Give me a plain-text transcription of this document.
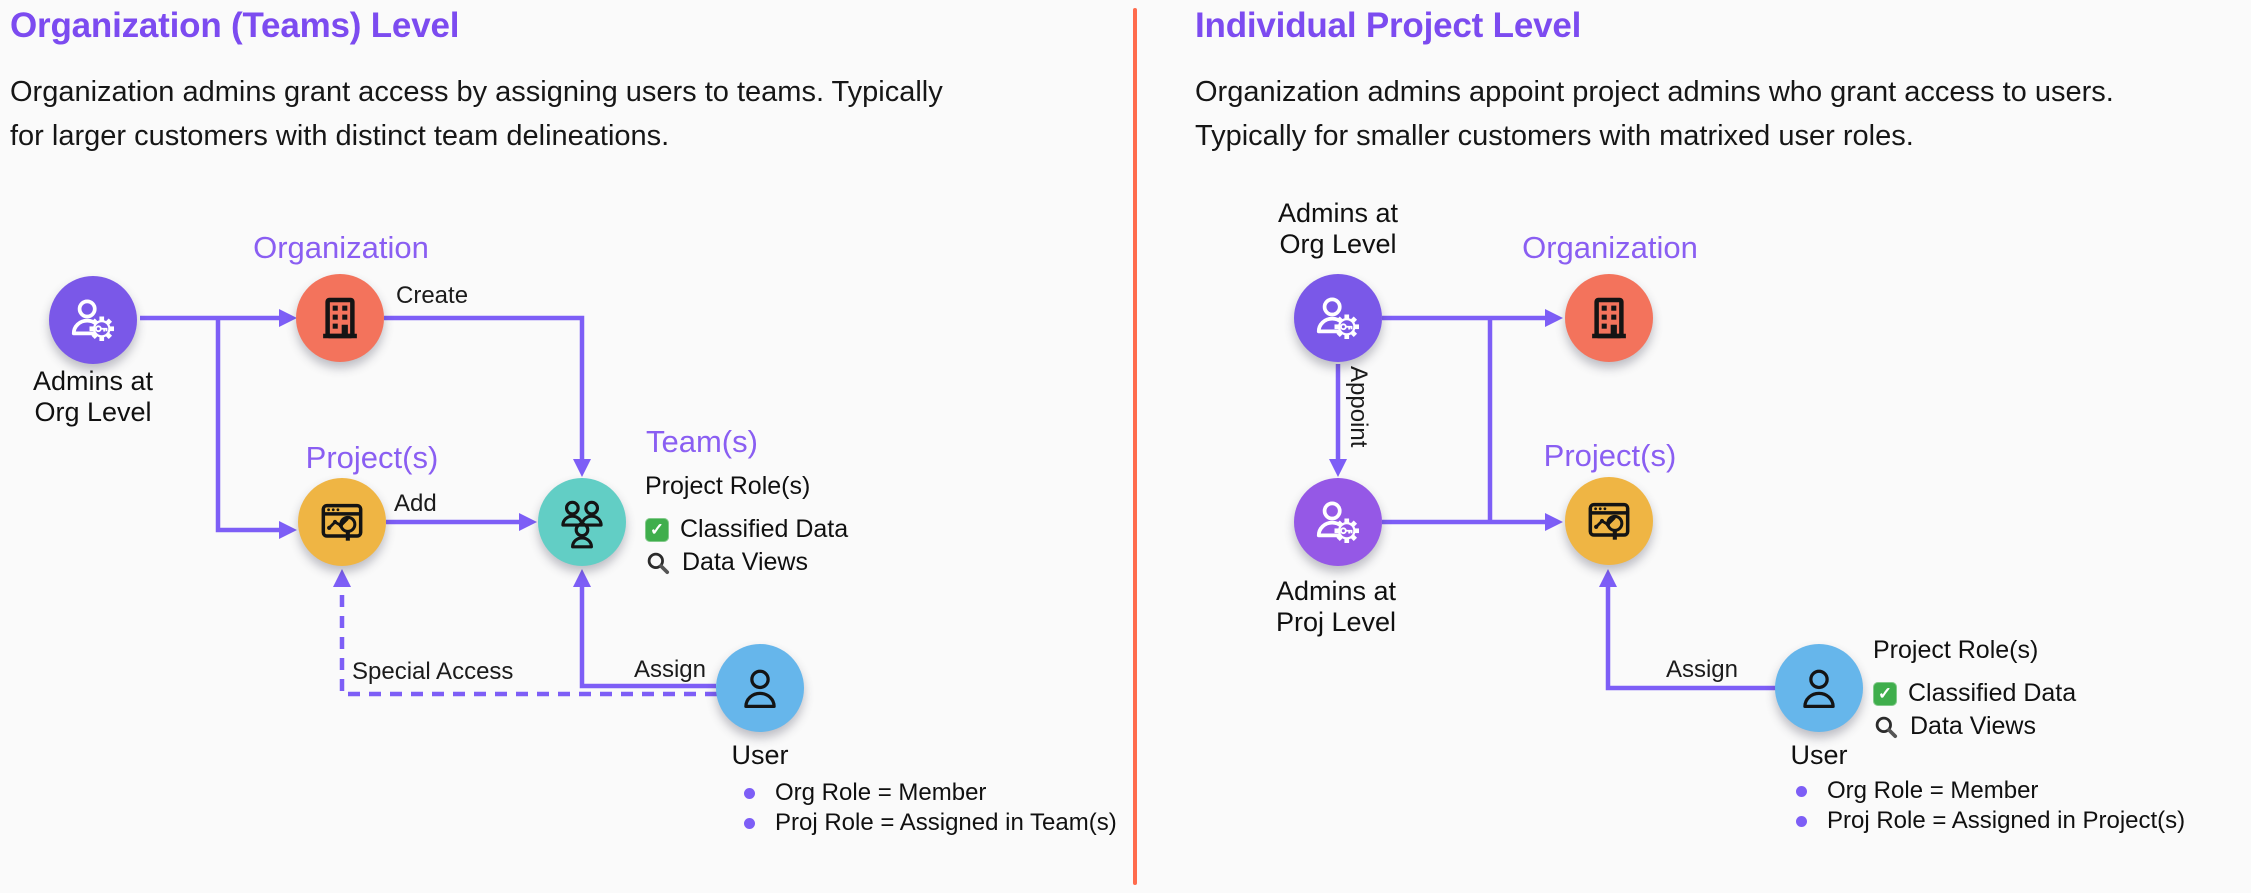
Organization (Teams) Level
Organization admins grant access by assigning users to teams. Typically
for larger customers with distinct team delineations.
Organization
Admins at
Org Level
Create
Project(s)
Add
Team(s)
Project Role(s)
✓
Classified Data
Data Views
Special Access	Assign
User
Org Role = Member
Proj Role = Assigned in Team(s)
Individual Project Level
Organization admins appoint project admins who grant access to users.
Typically for smaller customers with matrixed user roles.
Admins at
Org Level	Organization
Appoint
Admins at
Proj Level
Project(s)
Assign
User
Project Role(s)
✓
Classified Data
Data Views
Org Role = Member
Proj Role = Assigned in Project(s)
